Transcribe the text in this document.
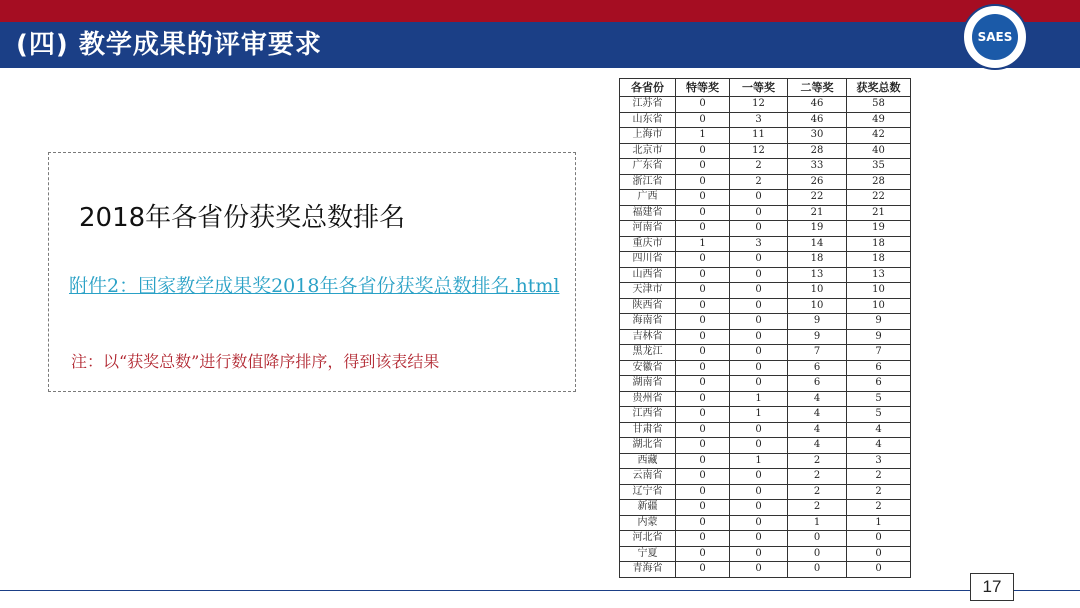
(四) 教学成果的评审要求	SAES
2018年各省份获奖总数排名
附件2：国家教学成果奖2018年各省份获奖总数排名.html
注：以“获奖总数”进行数值降序排序，得到该表结果
各省份	特等奖	一等奖	二等奖	获奖总数
江苏省	0	12	46	58
山东省	0	3	46	49
上海市	1	11	30	42
北京市	0	12	28	40
广东省	0	2	33	35
浙江省	0	2	26	28
广西	0	0	22	22
福建省	0	0	21	21
河南省	0	0	19	19
重庆市	1	3	14	18
四川省	0	0	18	18
山西省	0	0	13	13
天津市	0	0	10	10
陕西省	0	0	10	10
海南省	0	0	9	9
吉林省	0	0	9	9
黑龙江	0	0	7	7
安徽省	0	0	6	6
湖南省	0	0	6	6
贵州省	0	1	4	5
江西省	0	1	4	5
甘肃省	0	0	4	4
湖北省	0	0	4	4
西藏	0	1	2	3
云南省	0	0	2	2
辽宁省	0	0	2	2
新疆	0	0	2	2
内蒙	0	0	1	1
河北省	0	0	0	0
宁夏	0	0	0	0
青海省	0	0	0	0
17
